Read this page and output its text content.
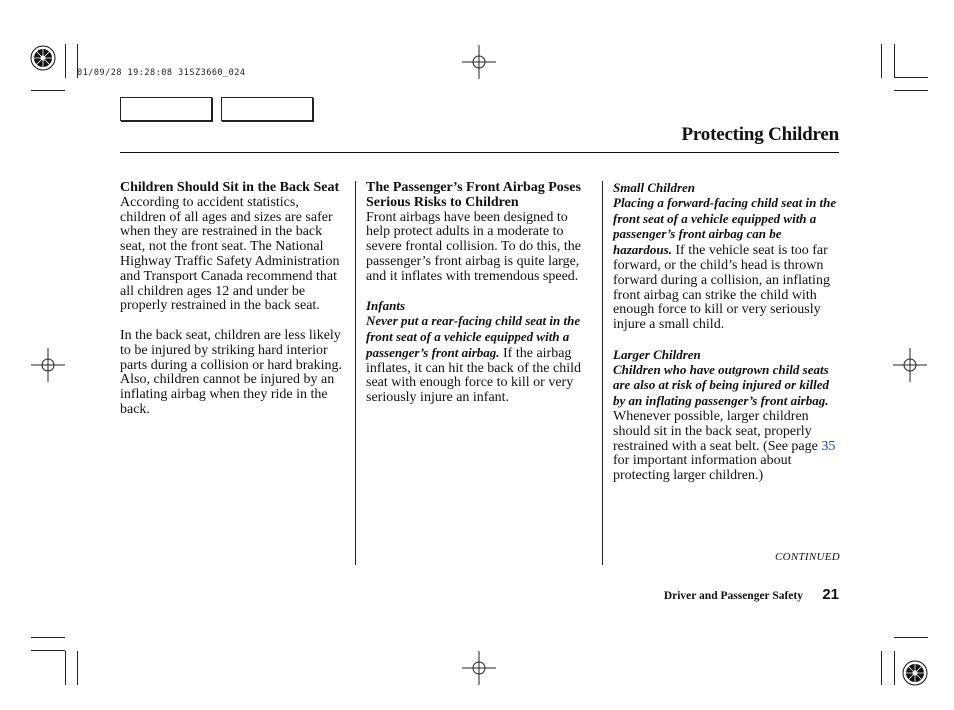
01/09/28 19:28:08 31SZ3660_024
Protecting Children

Children Should Sit in the Back Seat

According to accident statistics, children of all ages and sizes are safer when they are restrained in the back seat, not the front seat. The National Highway Traffic Safety Administration and Transport Canada recommend that all children ages 12 and under be properly restrained in the back seat.

In the back seat, children are less likely to be injured by striking hard interior parts during a collision or hard braking. Also, children cannot be injured by an inflating airbag when they ride in the back.

The Passenger’s Front Airbag Poses Serious Risks to Children

Front airbags have been designed to help protect adults in a moderate to severe frontal collision. To do this, the passenger’s front airbag is quite large, and it inflates with tremendous speed.

Infants

Never put a rear-facing child seat in the front seat of a vehicle equipped with a passenger’s front airbag. If the airbag inflates, it can hit the back of the child seat with enough force to kill or very seriously injure an infant.

Small Children

Placing a forward-facing child seat in the front seat of a vehicle equipped with a passenger’s front airbag can be hazardous. If the vehicle seat is too far forward, or the child’s head is thrown forward during a collision, an inflating front airbag can strike the child with enough force to kill or very seriously injure a small child.

Larger Children

Children who have outgrown child seats are also at risk of being injured or killed by an inflating passenger’s front airbag. Whenever possible, larger children should sit in the back seat, properly restrained with a seat belt. (See page 35 for important information about protecting larger children.)

CONTINUED
Driver and Passenger Safety 21
